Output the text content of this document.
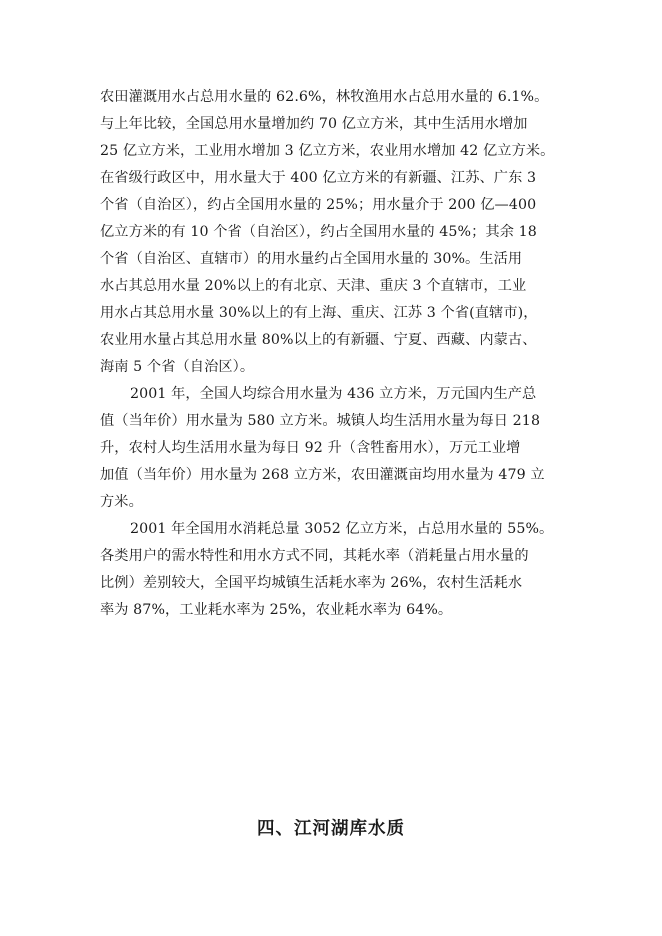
农田灌溉用水占总用水量的 62.6%，林牧渔用水占总用水量的 6.1%。
与上年比较，全国总用水量增加约 70 亿立方米，其中生活用水增加
25 亿立方米，工业用水增加 3 亿立方米，农业用水增加 42 亿立方米。
在省级行政区中，用水量大于 400 亿立方米的有新疆、江苏、广东 3
个省（自治区），约占全国用水量的 25%；用水量介于 200 亿—400
亿立方米的有 10 个省（自治区），约占全国用水量的 45%；其余 18
个省（自治区、直辖市）的用水量约占全国用水量的 30%。生活用
水占其总用水量 20%以上的有北京、天津、重庆 3 个直辖市，工业
用水占其总用水量 30%以上的有上海、重庆、江苏 3 个省(直辖市)，
农业用水量占其总用水量 80%以上的有新疆、宁夏、西藏、内蒙古、
海南 5 个省（自治区）。
2001 年，全国人均综合用水量为 436 立方米，万元国内生产总
值（当年价）用水量为 580 立方米。城镇人均生活用水量为每日 218
升，农村人均生活用水量为每日 92 升（含牲畜用水），万元工业增
加值（当年价）用水量为 268 立方米，农田灌溉亩均用水量为 479 立
方米。
2001 年全国用水消耗总量 3052 亿立方米，占总用水量的 55%。
各类用户的需水特性和用水方式不同，其耗水率（消耗量占用水量的
比例）差别较大，全国平均城镇生活耗水率为 26%，农村生活耗水
率为 87%，工业耗水率为 25%，农业耗水率为 64%。
四、江河湖库水质
